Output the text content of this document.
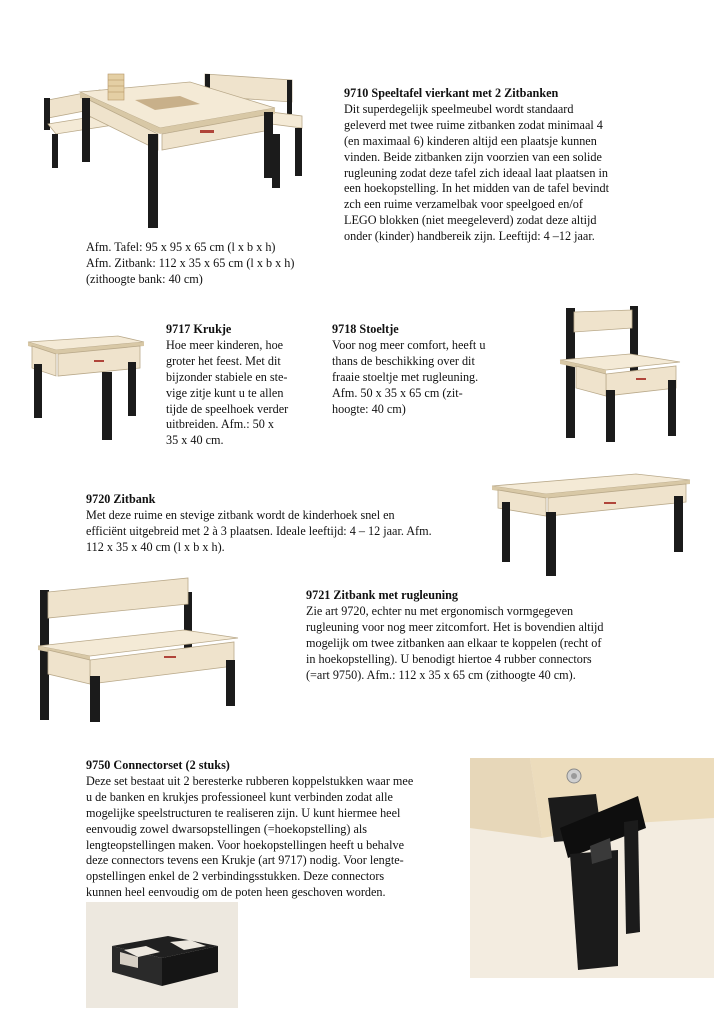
9710 Speeltafel vierkant met 2 Zitbanken
Dit superdegelijk speelmeubel wordt standaard
geleverd met twee ruime zitbanken zodat minimaal 4
(en maximaal 6) kinderen altijd een plaatsje kunnen
vinden. Beide zitbanken zijn voorzien van een solide
rugleuning zodat deze tafel zich ideaal laat plaatsen in
een hoekopstelling. In het midden van de tafel bevindt
zch een ruime verzamelbak voor speelgoed en/of
LEGO blokken (niet meegeleverd) zodat deze altijd
onder (kinder) handbereik zijn. Leeftijd: 4 –12 jaar.
Afm. Tafel: 95 x 95 x 65 cm (l x b x h)
Afm. Zitbank: 112 x 35 x 65 cm (l x b x h)
(zithoogte bank: 40 cm)
9717 Krukje
Hoe meer kinderen, hoe
groter het feest. Met dit
bijzonder stabiele en ste-
vige zitje kunt u te allen
tijde de speelhoek verder
uitbreiden. Afm.: 50 x
35 x 40 cm.
9718 Stoeltje
Voor nog meer comfort, heeft u
thans de beschikking over dit
fraaie stoeltje met rugleuning.
Afm. 50 x 35 x 65 cm (zit-
hoogte: 40 cm)
9720 Zitbank
Met deze ruime en stevige zitbank wordt de kinderhoek snel en
efficiënt uitgebreid met 2 à 3 plaatsen. Ideale leeftijd: 4 – 12 jaar. Afm.
112 x 35 x 40 cm (l x b x h).
9721 Zitbank met rugleuning
Zie art 9720, echter nu met ergonomisch vormgegeven
rugleuning voor nog meer zitcomfort. Het is bovendien altijd
mogelijk om twee zitbanken aan elkaar te koppelen (recht of
in hoekopstelling). U benodigt hiertoe 4 rubber connectors
(=art 9750). Afm.: 112 x 35 x 65 cm (zithoogte 40 cm).
9750 Connectorset (2 stuks)
Deze set bestaat uit 2 beresterke rubberen koppelstukken waar mee
u de banken en krukjes professioneel kunt verbinden zodat alle
mogelijke speelstructuren te realiseren zijn. U kunt hiermee heel
eenvoudig zowel dwarsopstellingen (=hoekopstelling) als
lengteopstellingen maken. Voor hoekopstellingen heeft u behalve
deze connectors tevens een Krukje (art 9717) nodig. Voor lengte-
opstellingen enkel de 2 verbindingsstukken. Deze connectors
kunnen heel eenvoudig om de poten heen geschoven worden.
